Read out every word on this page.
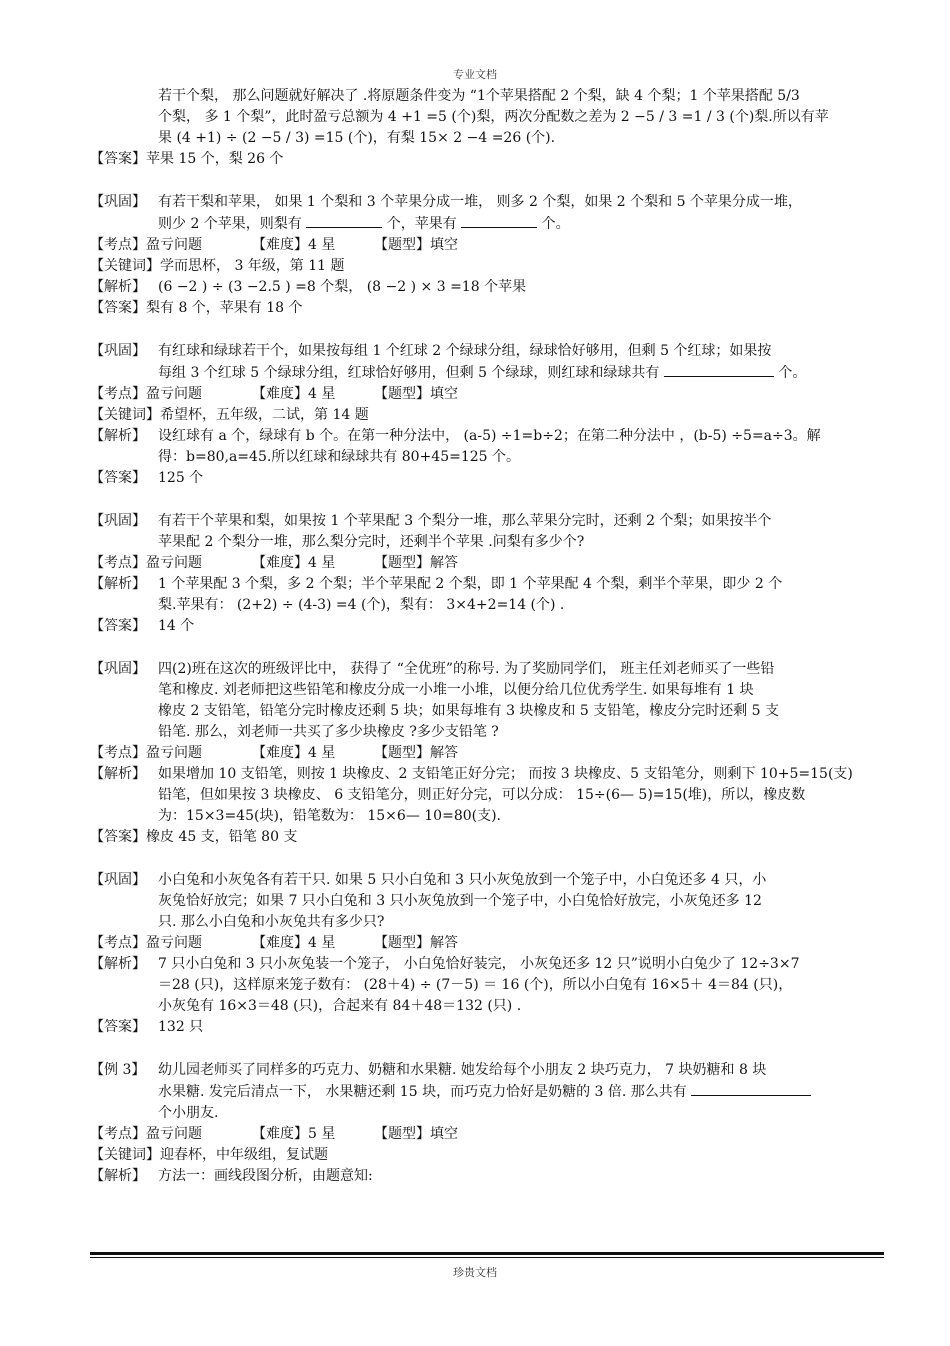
专业文档
若干个梨， 那么问题就好解决了 .将原题条件变为 “1个苹果搭配 2 个梨，缺 4 个梨；1 个苹果搭配 5/3
个梨， 多 1 个梨”，此时盈亏总额为 4 +1 =5 (个)梨，两次分配数之差为 2 −5 / 3 =1 / 3 (个)梨.所以有苹
果 (4 +1) ÷ (2 −5 / 3) =15 (个)，有梨 15× 2 −4 =26 (个).
【答案】 苹果 15 个，梨 26 个
【巩固】 有若干梨和苹果， 如果 1 个梨和 3 个苹果分成一堆， 则多 2 个梨，如果 2 个梨和 5 个苹果分成一堆，
则少 2 个苹果，则梨有	个，苹果有	个。
【考点】盈亏问题	【难度】4 星	【题型】填空
【关键词】 学而思杯， 3 年级，第 11 题
【解析】 (6 −2 ) ÷ (3 −2.5 ) =8 个梨， (8 −2 ) × 3 =18 个苹果
【答案】 梨有 8 个，苹果有 18 个
【巩固】 有红球和绿球若干个，如果按每组 1 个红球 2 个绿球分组，绿球恰好够用，但剩 5 个红球；如果按
每组 3 个红球 5 个绿球分组，红球恰好够用，但剩 5 个绿球，则红球和绿球共有	个。
【考点】盈亏问题	【难度】4 星	【题型】填空
【关键词】 希望杯，五年级，二试，第 14 题
【解析】 设红球有 a 个，绿球有 b 个。在第一种分法中， (a-5) ÷1=b÷2；在第二种分法中 ，(b-5) ÷5=a÷3。解
得：b=80,a=45.所以红球和绿球共有 80+45=125 个。
【答案】 125 个
【巩固】 有若干个苹果和梨，如果按 1 个苹果配 3 个梨分一堆，那么苹果分完时，还剩 2 个梨；如果按半个
苹果配 2 个梨分一堆，那么梨分完时，还剩半个苹果 .问梨有多少个?
【考点】盈亏问题	【难度】4 星	【题型】解答
【解析】 1 个苹果配 3 个梨，多 2 个梨；半个苹果配 2 个梨，即 1 个苹果配 4 个梨，剩半个苹果，即少 2 个
梨.苹果有： (2+2) ÷ (4-3) =4 (个)，梨有： 3×4+2=14 (个) .
【答案】 14 个
【巩固】 四(2)班在这次的班级评比中， 获得了 “全优班”的称号. 为了奖励同学们， 班主任刘老师买了一些铅
笔和橡皮. 刘老师把这些铅笔和橡皮分成一小堆一小堆，以便分给几位优秀学生. 如果每堆有 1 块
橡皮 2 支铅笔，铅笔分完时橡皮还剩 5 块；如果每堆有 3 块橡皮和 5 支铅笔，橡皮分完时还剩 5 支
铅笔. 那么，刘老师一共买了多少块橡皮 ?多少支铅笔 ?
【考点】盈亏问题	【难度】4 星	【题型】解答
【解析】 如果增加 10 支铅笔，则按 1 块橡皮、2 支铅笔正好分完； 而按 3 块橡皮、5 支铅笔分，则剩下 10+5=15(支)
铅笔，但如果按 3 块橡皮、 6 支铅笔分，则正好分完，可以分成： 15÷(6— 5)=15(堆)，所以，橡皮数
为：15×3=45(块)，铅笔数为： 15×6— 10=80(支).
【答案】 橡皮 45 支，铅笔 80 支
【巩固】 小白兔和小灰兔各有若干只. 如果 5 只小白兔和 3 只小灰兔放到一个笼子中，小白兔还多 4 只，小
灰兔恰好放完；如果 7 只小白兔和 3 只小灰兔放到一个笼子中，小白兔恰好放完，小灰兔还多 12
只. 那么小白兔和小灰兔共有多少只?
【考点】盈亏问题	【难度】4 星	【题型】解答
【解析】 7 只小白兔和 3 只小灰兔装一个笼子， 小白兔恰好装完， 小灰兔还多 12 只”说明小白兔少了 12÷3×7
＝28 (只)，这样原来笼子数有： (28＋4) ÷ (7－5) ＝ 16 (个)，所以小白兔有 16×5＋ 4＝84 (只)，
小灰兔有 16×3＝48 (只)，合起来有 84＋48＝132 (只) .
【答案】 132 只
【例 3】 幼儿园老师买了同样多的巧克力、奶糖和水果糖. 她发给每个小朋友 2 块巧克力， 7 块奶糖和 8 块
水果糖. 发完后清点一下， 水果糖还剩 15 块，而巧克力恰好是奶糖的 3 倍. 那么共有
个小朋友.
【考点】盈亏问题	【难度】5 星	【题型】填空
【关键词】 迎春杯，中年级组，复试题
【解析】 方法一：画线段图分析，由题意知:
珍贵文档
